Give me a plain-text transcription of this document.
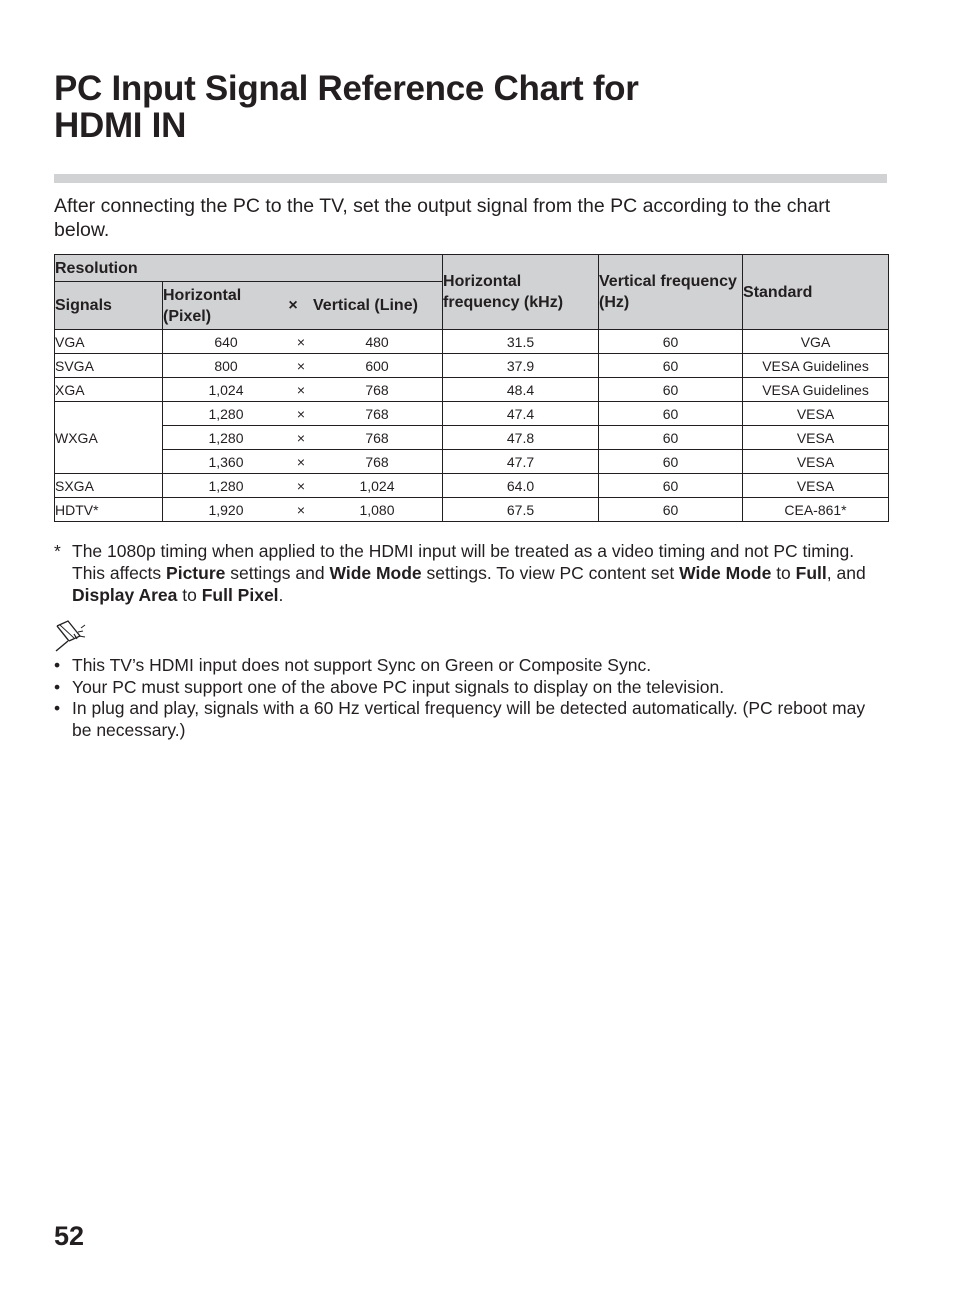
PC Input Signal Reference Chart for
HDMI IN

After connecting the PC to the TV, set the output signal from the PC according to the chart below.

Resolution		Horizontal frequency (kHz)	Vertical frequency (Hz)	Standard
Signals	Horizontal (Pixel)
× Vertical (Line)			

VGA	640 × 480	31.5	60	VGA
SVGA	800 × 600	37.9	60	VESA Guidelines
XGA	1,024 × 768	48.4	60	VESA Guidelines
WXGA	1,280 × 768	47.4	60	VESA

	1,280 × 768	47.8	60	VESA

	1,360 × 768	47.7	60	VESA
SXGA	1,280 × 1,024	64.0	60	VESA
HDTV*	1,920 × 1,080	67.5	60	CEA-861*
* The 1080p timing when applied to the HDMI input will be treated as a video timing and not PC timing. This affects Picture settings and Wide Mode settings. To view PC content set Wide Mode to Full, and Display Area to Full Pixel.
• This TV’s HDMI input does not support Sync on Green or Composite Sync.
• Your PC must support one of the above PC input signals to display on the television.
• In plug and play, signals with a 60 Hz vertical frequency will be detected automatically. (PC reboot may be necessary.)
52
